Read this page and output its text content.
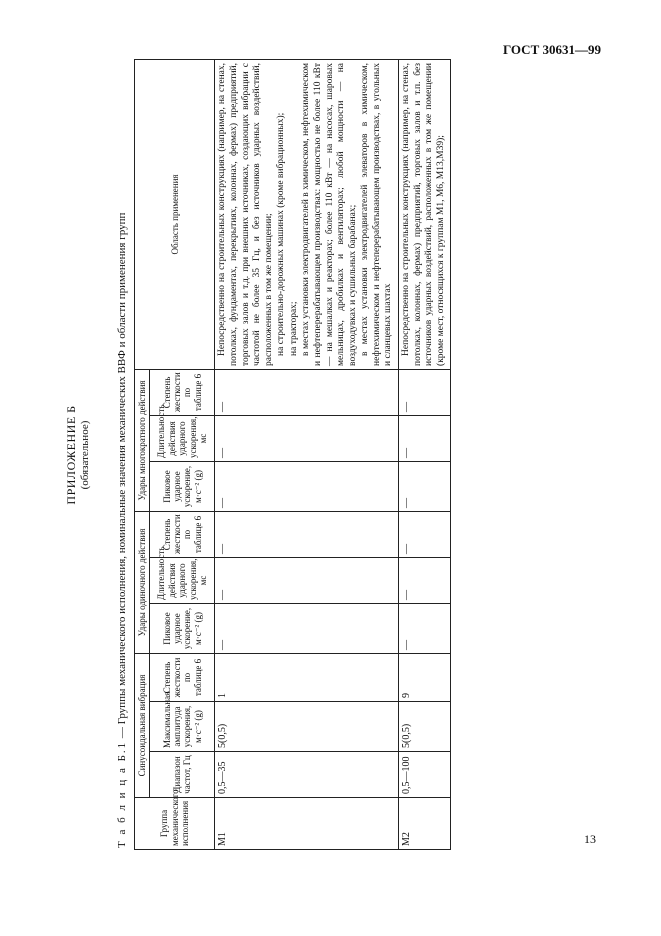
ГОСТ 30631—99
ПРИЛОЖЕНИЕ Б (обязательное)
Т а б л и ц а Б.1 — Группы механического исполнения, номинальные значения механических ВВФ и области применения групп
Группа механического исполнения	Синусоидальная вибрация			Удары одиночного действия			Удары многократного действия			Область применения
	Диапазон частот, Гц	Максимальная амплитуда ускорения, м·с⁻² (g)	Степень жесткости по таблице 6	Пиковое ударное ускорение, м·с⁻² (g)	Длительность действия ударного ускорения, мс	Степень жесткости по таблице 6	Пиковое ударное ускорение, м·с⁻² (g)	Длительность действия ударного ускорения, мс	Степень жесткости по таблице 6	
М1	0,5—35	5(0,5)	1	—	—	—	—	—	—	Непосредственно на строительных конструкциях (например, на стенах, потолках, фундаментах, перекрытиях, колоннах, фермах) предприятий, торговых залов и т.д. при внешних источниках, создающих вибрации с частотой не более 35 Гц, и без источников ударных воздействий, расположенных в том же помещении; на строительно-дорожных машинах (кроме вибрационных); на тракторах; в местах установки электродвигателей в химическом, нефтехимическом и нефтеперерабатывающем производствах: мощностью не более 110 кВт — на мешалках и реакторах; более 110 кВт — на насосах, шаровых мельницах, дробилках и вентиляторах; любой мощности — на воздуходувках и сушильных барабанах; в местах установки электродвигателей элеваторов в химическом, нефтехимическом и нефтеперерабатывающем производствах, в угольных и сланцевых шахтах

М2	0,5—100	5(0,5)	9	—	—	—	—	—	—	Непосредственно на строительных конструкциях (например, на стенах, потолках, колоннах, фермах) предприятий, торговых залов и т.п. без источников ударных воздействий, расположенных в том же помещении (кроме мест, относящихся к группам М1, М6, М13,М39);

13
